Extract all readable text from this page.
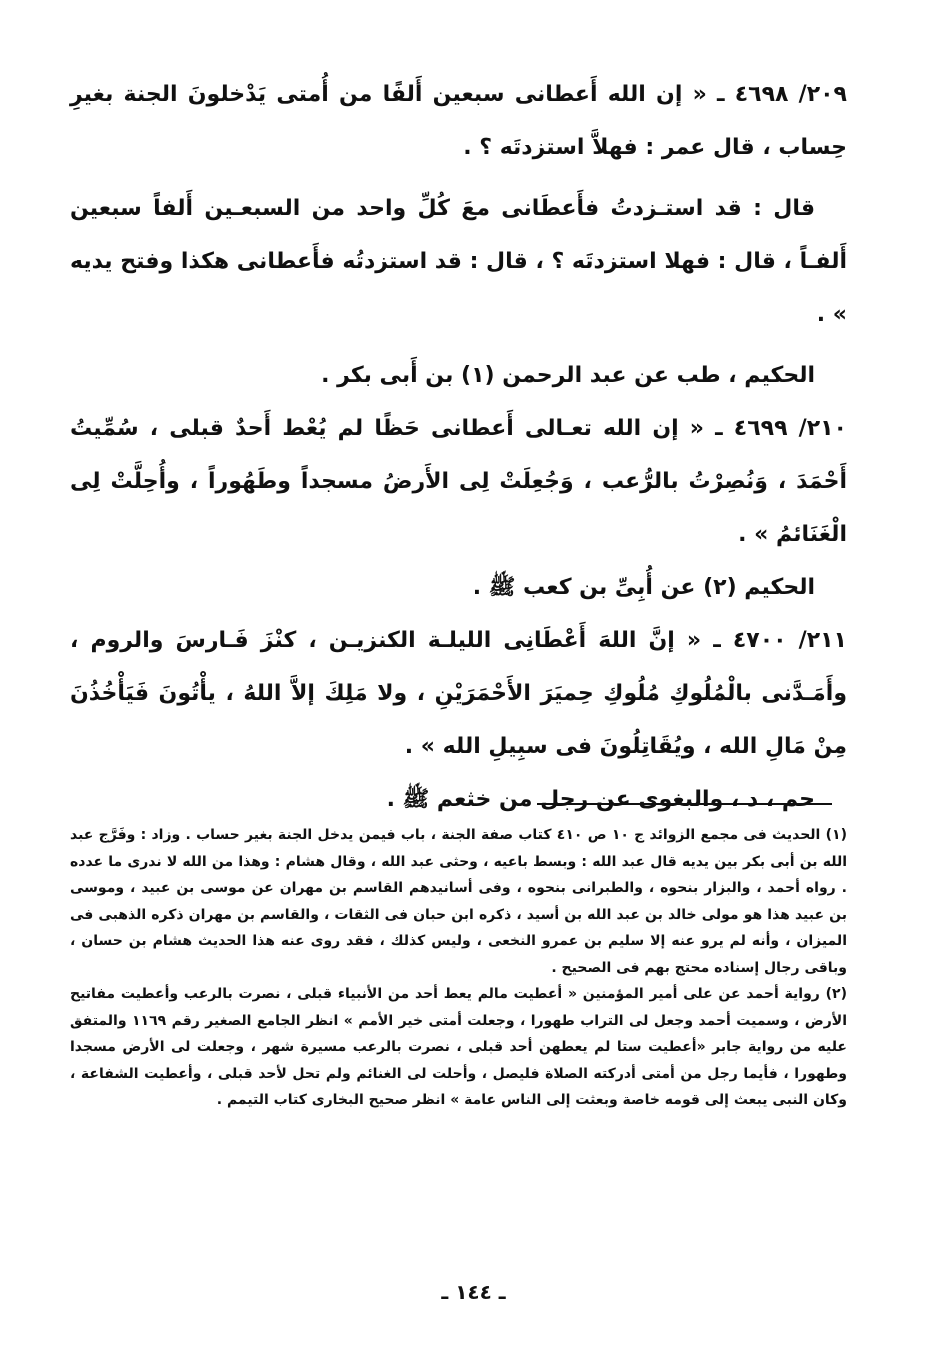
٢٠٩/ ٤٦٩٨ ـ « إن الله أَعطانى سبعين أَلفًا من أُمتى يَدْخلونَ الجنة بغيرِ حِساب ، قال عمر : فهلاَّ استزدتَه ؟ .

قال : قد استـزدتُ فأَعطَانى معَ كُلِّ واحد من السبعـين أَلفاً سبعين أَلفـاً ، قال : فهلا استزدتَه ؟ ، قال : قد استزدتُه فأَعطانى هكذا وفتح يديه » .

الحكيم ، طب عن عبد الرحمن (١) بن أَبى بكر .

٢١٠/ ٤٦٩٩ ـ « إن الله تعـالى أَعطانى حَظًا لم يُعْط أَحدٌ قبلى ، سُمِّيتُ أَحْمَدَ ، وَنُصِرْتُ بالرُّعب ، وَجُعِلَتْ لِى الأَرضُ مسجداً وطَهُوراً ، وأُحِلَّتْ لِى الْغَنَائمُ » .

الحكيم (٢) عن أُبِىِّ بن كعب ﷺ .

٢١١/ ٤٧٠٠ ـ « إنَّ اللهَ أَعْطَانِى الليلـة الكنزيـن ، كنْزَ فَـارسَ والروم ، وأَمَـدَّنى بالْمُلُوكِ مُلُوكِ حِميَرَ الأَحْمَرَيْنِ ، ولا مَلِكَ إلاَّ اللهُ ، يأْتُونَ فَيَأْخُذُنَ مِنْ مَالِ الله ، ويُقَاتِلُونَ فى سبِيلِ الله » .

حم ، د ، والبغوى عن رجل من خثعم ﷺ .

(١) الحديث فى مجمع الزوائد ج ١٠ ص ٤١٠ كتاب صفة الجنة ، باب فيمن يدخل الجنة بغير حساب . وزاد : وفَرَّج عبد الله بن أبى بكر بين يديه قال عبد الله : وبسط باعيه ، وحثى عبد الله ، وقال هشام : وهذا من الله لا ندرى ما عدده . رواه أحمد ، والبزار بنحوه ، والطبرانى بنحوه ، وفى أسانيدهم القاسم بن مهران عن موسى بن عبيد ، وموسى بن عبيد هذا هو مولى خالد بن عبد الله بن أسيد ، ذكره ابن حبان فى الثقات ، والقاسم بن مهران ذكره الذهبى فى الميزان ، وأنه لم يرو عنه إلا سليم بن عمرو النخعى ، وليس كذلك ، فقد روى عنه هذا الحديث هشام بن حسان ، وباقى رجال إسناده محتج بهم فى الصحيح .

(٢) رواية أحمد عن على أمير المؤمنين « أعطيت مالم يعط أحد من الأنبياء قبلى ، نصرت بالرعب وأعطيت مفاتيح الأرض ، وسميت أحمد وجعل لى التراب طهورا ، وجعلت أمتى خير الأمم » انظر الجامع الصغير رقم ١١٦٩ والمتفق عليه من رواية جابر «أعطيت ستا لم يعطهن أحد قبلى ، نصرت بالرعب مسيرة شهر ، وجعلت لى الأرض مسجدا وطهورا ، فأيما رجل من أمتى أدركته الصلاة فليصل ، وأحلت لى الغنائم ولم تحل لأحد قبلى ، وأعطيت الشفاعة ، وكان النبى يبعث إلى قومه خاصة وبعثت إلى الناس عامة » انظر صحيح البخارى كتاب التيمم .

ـ ١٤٤ ـ
